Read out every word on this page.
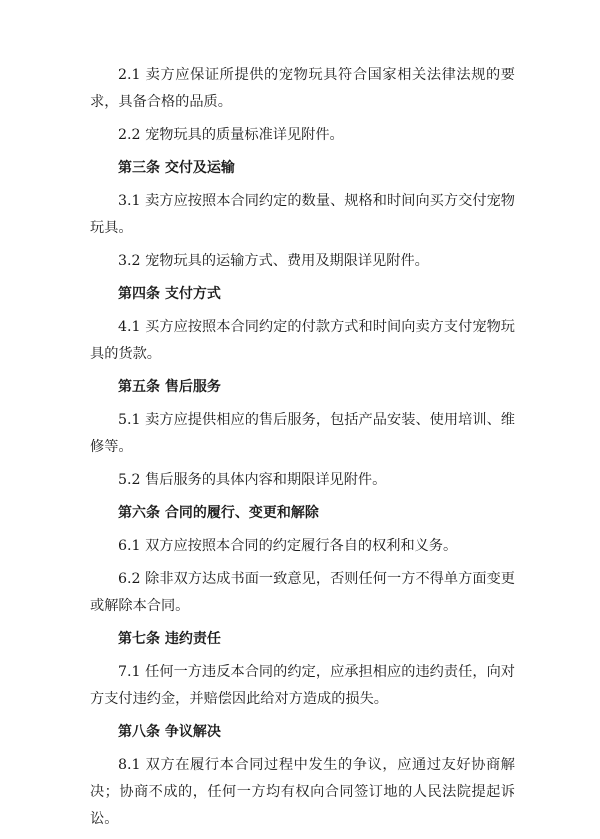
2.1 卖方应保证所提供的宠物玩具符合国家相关法律法规的要求，具备合格的品质。

2.2 宠物玩具的质量标准详见附件。

第三条 交付及运输

3.1 卖方应按照本合同约定的数量、规格和时间向买方交付宠物玩具。

3.2 宠物玩具的运输方式、费用及期限详见附件。

第四条 支付方式

4.1 买方应按照本合同约定的付款方式和时间向卖方支付宠物玩具的货款。

第五条 售后服务

5.1 卖方应提供相应的售后服务，包括产品安装、使用培训、维修等。

5.2 售后服务的具体内容和期限详见附件。

第六条 合同的履行、变更和解除

6.1 双方应按照本合同的约定履行各自的权利和义务。

6.2 除非双方达成书面一致意见，否则任何一方不得单方面变更或解除本合同。

第七条 违约责任

7.1 任何一方违反本合同的约定，应承担相应的违约责任，向对方支付违约金，并赔偿因此给对方造成的损失。

第八条 争议解决

8.1 双方在履行本合同过程中发生的争议，应通过友好协商解决；协商不成的，任何一方均有权向合同签订地的人民法院提起诉讼。
